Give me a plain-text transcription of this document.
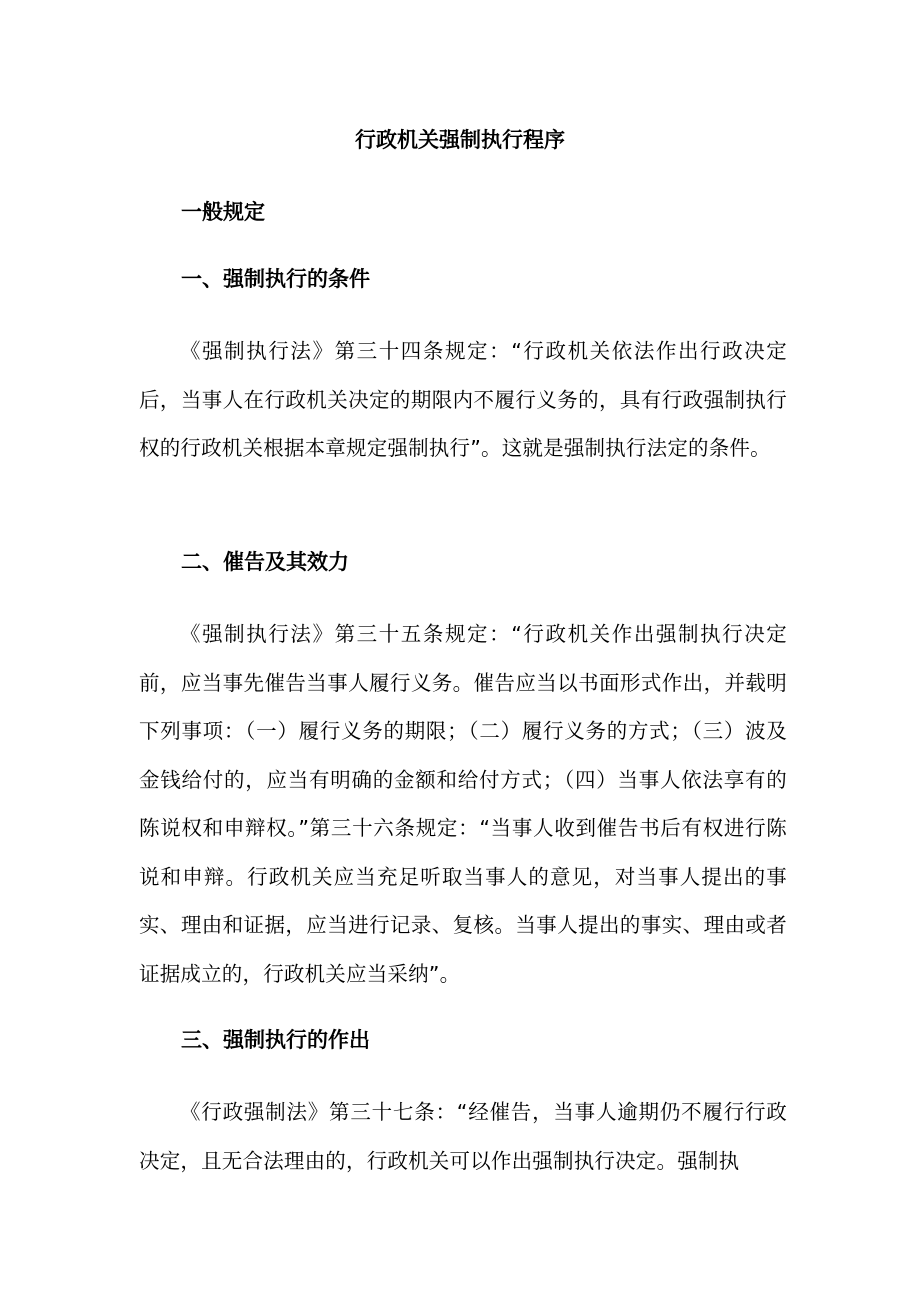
行政机关强制执行程序
一般规定
一、强制执行的条件

《强制执行法》第三十四条规定：“行政机关依法作出行政决定后，当事人在行政机关决定的期限内不履行义务的，具有行政强制执行权的行政机关根据本章规定强制执行”。这就是强制执行法定的条件。

二、催告及其效力

《强制执行法》第三十五条规定：“行政机关作出强制执行决定前，应当事先催告当事人履行义务。催告应当以书面形式作出，并载明下列事项：（一）履行义务的期限；（二）履行义务的方式；（三）波及金钱给付的，应当有明确的金额和给付方式；（四）当事人依法享有的陈说权和申辩权。”第三十六条规定：“当事人收到催告书后有权进行陈说和申辩。行政机关应当充足听取当事人的意见，对当事人提出的事实、理由和证据，应当进行记录、复核。当事人提出的事实、理由或者证据成立的，行政机关应当采纳”。

三、强制执行的作出

《行政强制法》第三十七条：“经催告，当事人逾期仍不履行行政决定，且无合法理由的，行政机关可以作出强制执行决定。强制执
